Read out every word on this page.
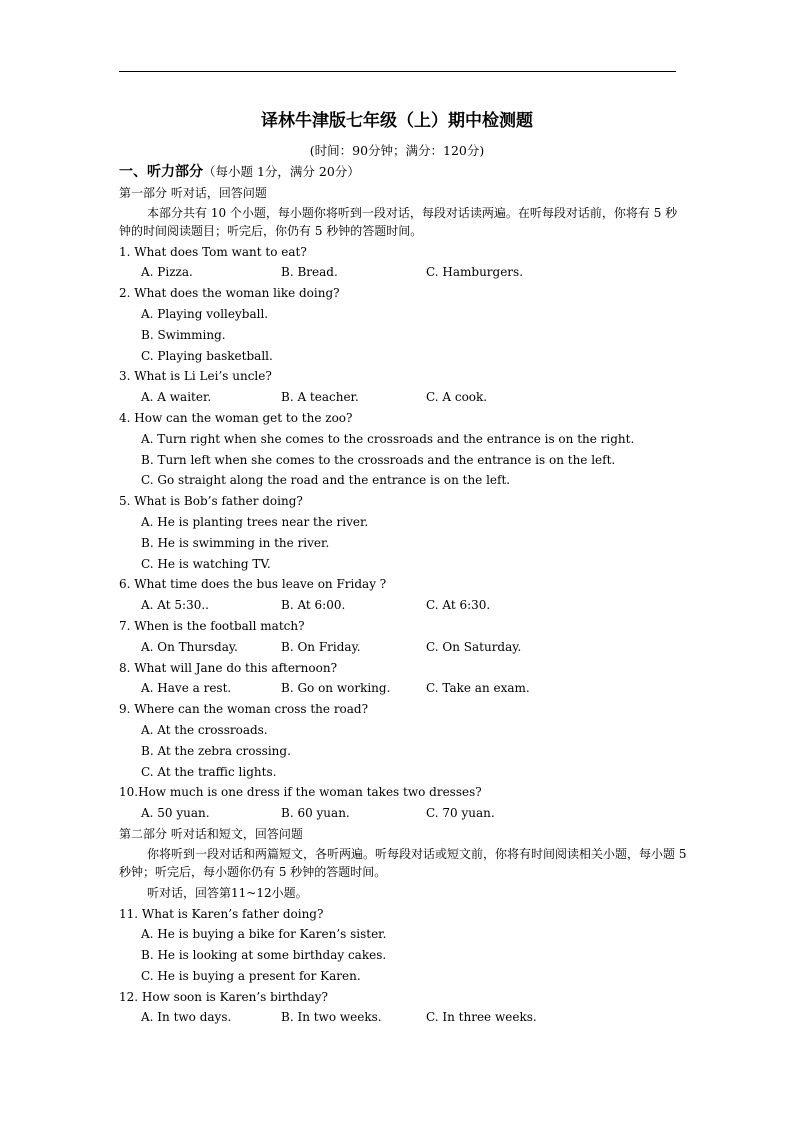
译林牛津版七年级（上）期中检测题
(时间：90分钟；满分：120分)
一、听力部分（每小题 1分，满分 20分）
第一部分 听对话，回答问题
本部分共有 10 个小题，每小题你将听到一段对话，每段对话读两遍。在听每段对话前，你将有 5 秒钟的时间阅读题目；听完后，你仍有 5 秒钟的答题时间。
1. What does Tom want to eat?
A. Pizza.	B. Bread.	C. Hamburgers.
2. What does the woman like doing?
A. Playing volleyball.
B. Swimming.
C. Playing basketball.
3. What is Li Lei’s uncle?
A. A waiter.	B. A teacher.	C. A cook.
4. How can the woman get to the zoo?
A. Turn right when she comes to the crossroads and the entrance is on the right.
B. Turn left when she comes to the crossroads and the entrance is on the left.
C. Go straight along the road and the entrance is on the left.
5. What is Bob’s father doing?
A. He is planting trees near the river.
B. He is swimming in the river.
C. He is watching TV.
6. What time does the bus leave on Friday ?
A. At 5:30..	B. At 6:00.	C. At 6:30.
7. When is the football match?
A. On Thursday.	B. On Friday.	C. On Saturday.
8. What will Jane do this afternoon?
A. Have a rest.	B. Go on working.	C. Take an exam.
9. Where can the woman cross the road?
A. At the crossroads.
B. At the zebra crossing.
C. At the traffic lights.
10.How much is one dress if the woman takes two dresses?
A. 50 yuan.	B. 60 yuan.	C. 70 yuan.
第二部分 听对话和短文，回答问题
你将听到一段对话和两篇短文，各听两遍。听每段对话或短文前，你将有时间阅读相关小题，每小题 5 秒钟；听完后，每小题你仍有 5 秒钟的答题时间。
听对话，回答第11~12小题。
11. What is Karen’s father doing?
A. He is buying a bike for Karen’s sister.
B. He is looking at some birthday cakes.
C. He is buying a present for Karen.
12. How soon is Karen’s birthday?
A. In two days.	B. In two weeks.	C. In three weeks.
